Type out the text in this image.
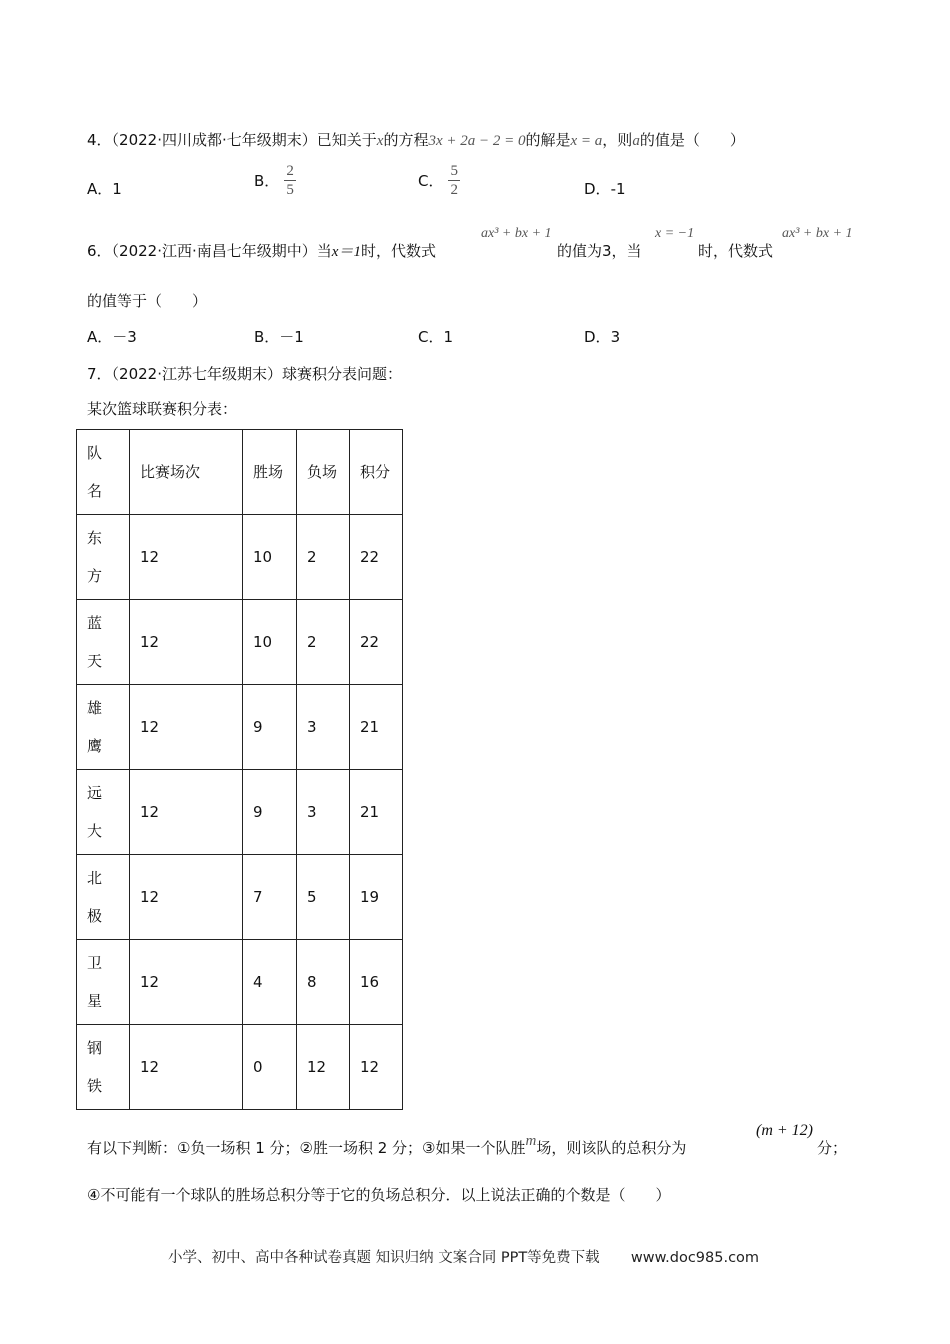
4．（2022·四川成都·七年级期末）已知关于x的方程3x + 2a − 2 = 0的解是x = a，则a的值是（　　）
A．1	B． $\frac{2}{5}$	C． $\frac{5}{2}$	D．-1
6．（2022·江西·南昌七年级期中）当x＝1时，代数式
ax³ + bx + 1
的值为3，当
x = −1
时，代数式
ax³ + bx + 1
的值等于（　　）
A．－3	B．－1	C．1	D．3
7．（2022·江苏七年级期末）球赛积分表问题：
某次篮球联赛积分表：
队
名	比赛场次	胜场	负场	积分

东
方	12	10	2	22

蓝
天	12	10	2	22

雄
鹰	12	9	3	21

远
大	12	9	3	21

北
极	12	7	5	19

卫
星	12	4	8	16

钢
铁	12	0	12	12
有以下判断：①负一场积 1 分；②胜一场积 2 分；③如果一个队胜m场，则该队的总积分为
(m + 12)
分；
④不可能有一个球队的胜场总积分等于它的负场总积分．以上说法正确的个数是（　　）
小学、初中、高中各种试卷真题 知识归纳 文案合同 PPT等免费下载 www.doc985.com
